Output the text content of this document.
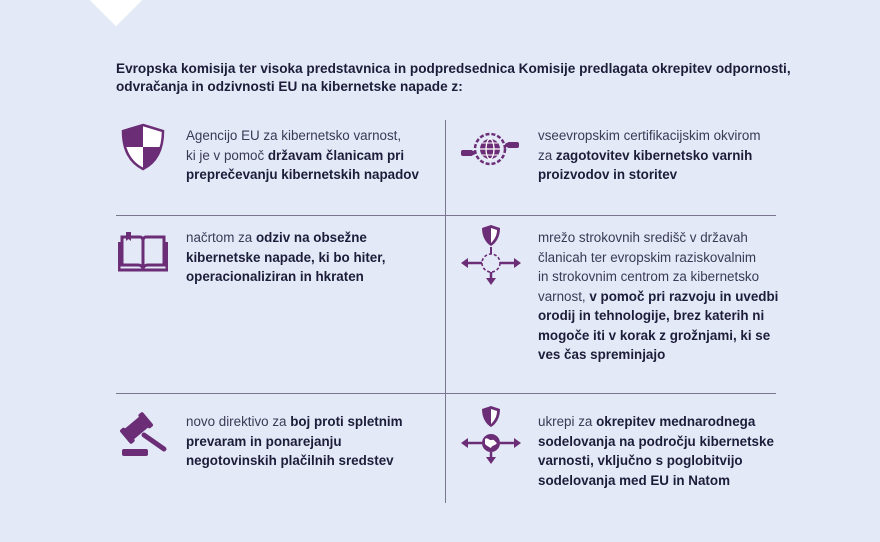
Evropska komisija ter visoka predstavnica in podpredsednica Komisije predlagata okrepitev odpornosti,

odvračanja in odzivnosti EU na kibernetske napade z:

Agencijo EU za kibernetsko varnost,

ki je v pomoč državam članicam pri

preprečevanju kibernetskih napadov

vseevropskim certifikacijskim okvirom

za zagotovitev kibernetsko varnih

proizvodov in storitev

načrtom za odziv na obsežne

kibernetske napade, ki bo hiter,

operacionaliziran in hkraten

mrežo strokovnih središč v državah

članicah ter evropskim raziskovalnim

in strokovnim centrom za kibernetsko

varnost, v pomoč pri razvoju in uvedbi

orodij in tehnologije, brez katerih ni

mogoče iti v korak z grožnjami, ki se

ves čas spreminjajo

novo direktivo za boj proti spletnim

prevaram in ponarejanju

negotovinskih plačilnih sredstev

ukrepi za okrepitev mednarodnega

sodelovanja na področju kibernetske

varnosti, vključno s poglobitvijo

sodelovanja med EU in Natom
